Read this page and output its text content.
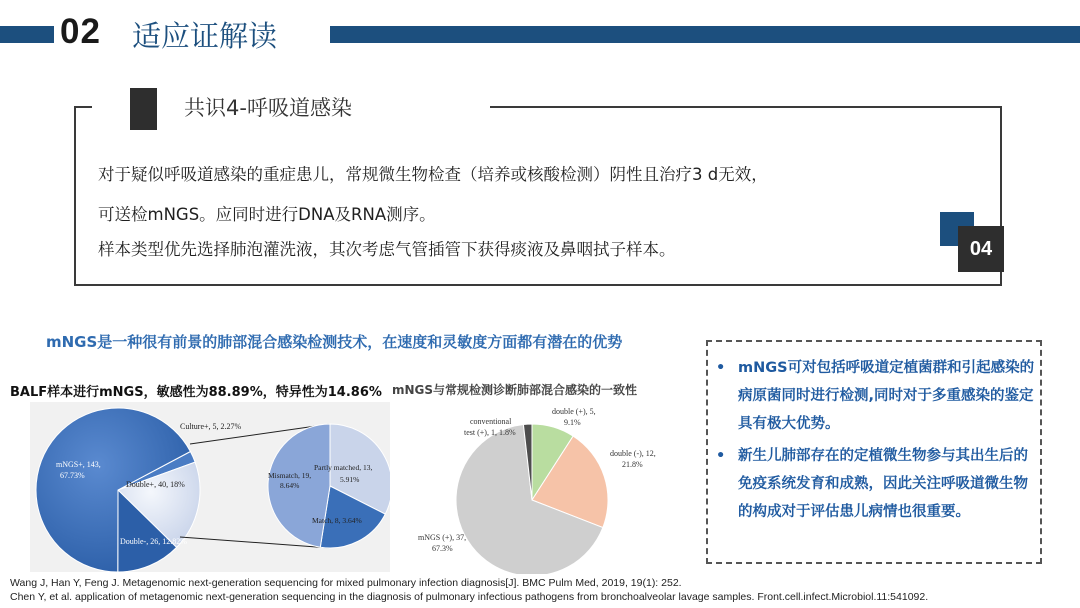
02 适应证解读
共识4-呼吸道感染
对于疑似呼吸道感染的重症患儿，常规微生物检查（培养或核酸检测）阴性且治疗3 d无效，
可送检mNGS。应同时进行DNA及RNA测序。
样本类型优先选择肺泡灌洗液，其次考虑气管插管下获得痰液及鼻咽拭子样本。	04
mNGS是一种很有前景的肺部混合感染检测技术，在速度和灵敏度方面都有潜在的优势
BALF样本进行mNGS，敏感性为88.89%，特异性为14.86% mNGS与常规检测诊断肺部混合感染的一致性
Culture+, 5, 2.27%
mNGS+, 143,
67.73%
Double+, 40, 18%
Double-, 26, 12.82%
Partly matched, 13,
5.91%
Mismatch, 19,
8.64%
Match, 8, 3.64%
conventional
test (+), 1, 1.8%
double (+), 5,
9.1%
double (-), 12,
21.8%
mNGS (+), 37,
67.3%
• mNGS可对包括呼吸道定植菌群和引起感染的病原菌同时进行检测,同时对于多重感染的鉴定具有极大优势。
• 新生儿肺部存在的定植微生物参与其出生后的免疫系统发育和成熟，因此关注呼吸道微生物的构成对于评估患儿病情也很重要。
Wang J, Han Y, Feng J. Metagenomic next‐generation sequencing for mixed pulmonary infection diagnosis[J]. BMC Pulm Med, 2019, 19(1): 252.
Chen Y, et al. application of metagenomic next-generation sequencing in the diagnosis of pulmonary infectious pathogens from bronchoalveolar lavage samples. Front.cell.infect.Microbiol.11:541092.
